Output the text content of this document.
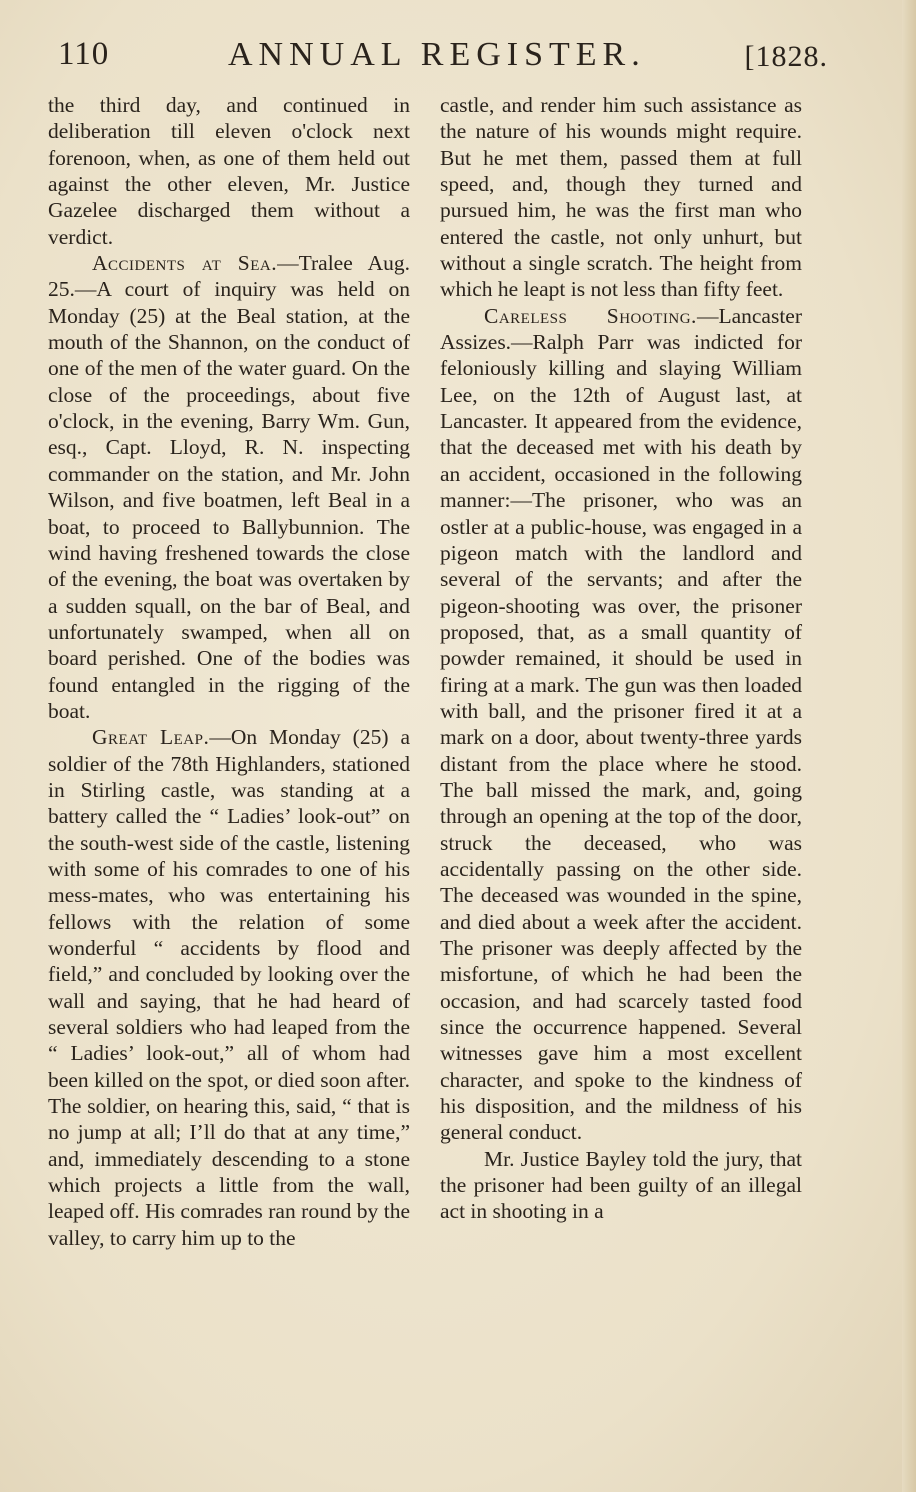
110	ANNUAL REGISTER.	[1828.

the third day, and continued in deliberation till eleven o'clock next forenoon, when, as one of them held out against the other eleven, Mr. Justice Gazelee discharged them without a verdict.

Accidents at Sea.—Tralee Aug. 25.—A court of inquiry was held on Monday (25) at the Beal station, at the mouth of the Shannon, on the conduct of one of the men of the water guard. On the close of the proceedings, about five o'clock, in the evening, Barry Wm. Gun, esq., Capt. Lloyd, R. N. inspecting commander on the station, and Mr. John Wilson, and five boatmen, left Beal in a boat, to proceed to Ballybunnion. The wind having freshened towards the close of the evening, the boat was overtaken by a sudden squall, on the bar of Beal, and unfortunately swamped, when all on board perished. One of the bodies was found entangled in the rigging of the boat.

Great Leap.—On Monday (25) a soldier of the 78th Highlanders, stationed in Stirling castle, was standing at a battery called the “ Ladies’ look-out” on the south-west side of the castle, listening with some of his comrades to one of his mess-mates, who was entertaining his fellows with the relation of some wonderful “ accidents by flood and field,” and concluded by looking over the wall and saying, that he had heard of several soldiers who had leaped from the “ Ladies’ look-out,” all of whom had been killed on the spot, or died soon after. The soldier, on hearing this, said, “ that is no jump at all; I’ll do that at any time,” and, immediately descending to a stone which projects a little from the wall, leaped off. His comrades ran round by the valley, to carry him up to the

castle, and render him such assistance as the nature of his wounds might require. But he met them, passed them at full speed, and, though they turned and pursued him, he was the first man who entered the castle, not only unhurt, but without a single scratch. The height from which he leapt is not less than fifty feet.

Careless Shooting.—Lancaster Assizes.—Ralph Parr was indicted for feloniously killing and slaying William Lee, on the 12th of August last, at Lancaster. It appeared from the evidence, that the deceased met with his death by an accident, occasioned in the following manner:—The prisoner, who was an ostler at a public-house, was engaged in a pigeon match with the landlord and several of the servants; and after the pigeon-shooting was over, the prisoner proposed, that, as a small quantity of powder remained, it should be used in firing at a mark. The gun was then loaded with ball, and the prisoner fired it at a mark on a door, about twenty-three yards distant from the place where he stood. The ball missed the mark, and, going through an opening at the top of the door, struck the deceased, who was accidentally passing on the other side. The deceased was wounded in the spine, and died about a week after the accident. The prisoner was deeply affected by the misfortune, of which he had been the occasion, and had scarcely tasted food since the occurrence happened. Several witnesses gave him a most excellent character, and spoke to the kindness of his disposition, and the mildness of his general conduct.

Mr. Justice Bayley told the jury, that the prisoner had been guilty of an illegal act in shooting in a
